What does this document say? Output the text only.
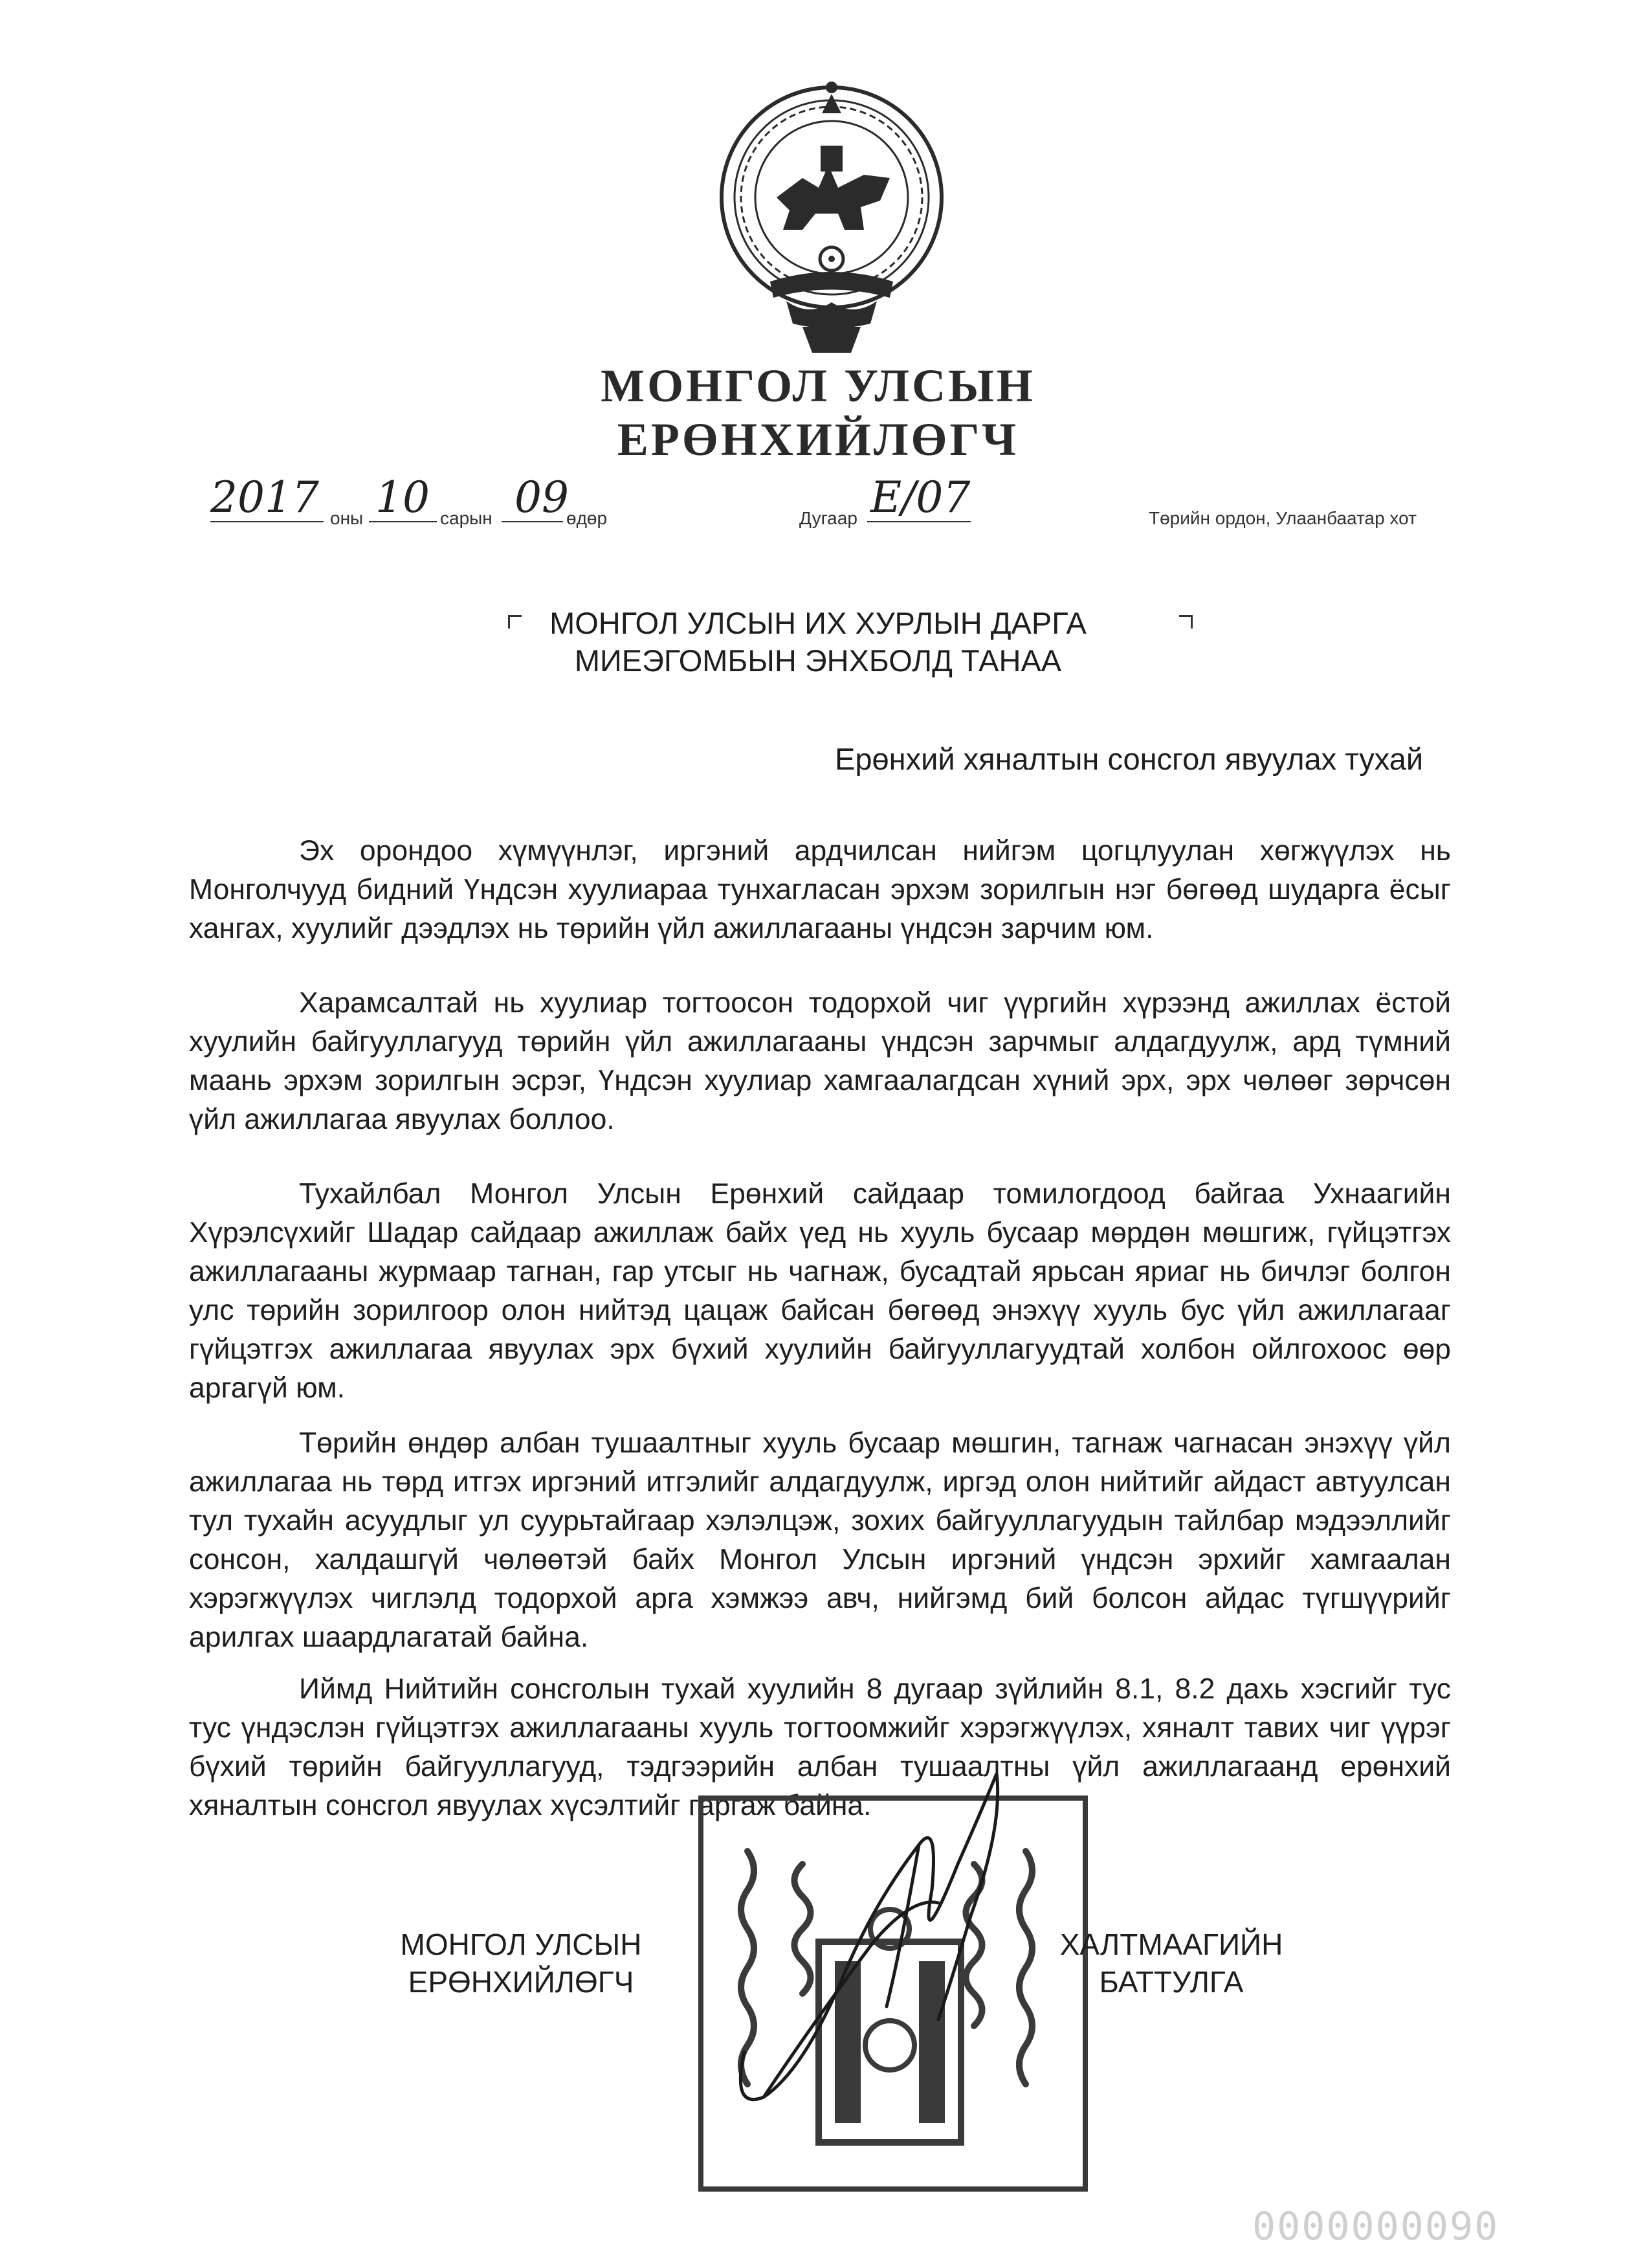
МОНГОЛ УЛСЫН
ЕРӨНХИЙЛӨГЧ
2017 оны 10 сарын 09
өдөр	Дугаар Е/07	Төрийн ордон, Улаанбаатар хот
МОНГОЛ УЛСЫН ИХ ХУРЛЫН ДАРГА
МИЕЭГОМБЫН ЭНХБОЛД ТАНАА
Ерөнхий хяналтын сонсгол явуулах тухай
Эх орондоо хүмүүнлэг, иргэний ардчилсан нийгэм цогцлуулан хөгжүүлэх нь Монголчууд бидний Үндсэн хуулиараа тунхагласан эрхэм зорилгын нэг бөгөөд шударга ёсыг хангах, хуулийг дээдлэх нь төрийн үйл ажиллагааны үндсэн зарчим юм.
Харамсалтай нь хуулиар тогтоосон тодорхой чиг үүргийн хүрээнд ажиллах ёстой хуулийн байгууллагууд төрийн үйл ажиллагааны үндсэн зарчмыг алдагдуулж, ард түмний маань эрхэм зорилгын эсрэг, Үндсэн хуулиар хамгаалагдсан хүний эрх, эрх чөлөөг зөрчсөн үйл ажиллагаа явуулах боллоо.
Тухайлбал Монгол Улсын Ерөнхий сайдаар томилогдоод байгаа Ухнаагийн Хүрэлсүхийг Шадар сайдаар ажиллаж байх үед нь хууль бусаар мөрдөн мөшгиж, гүйцэтгэх ажиллагааны журмаар тагнан, гар утсыг нь чагнаж, бусадтай ярьсан яриаг нь бичлэг болгон улс төрийн зорилгоор олон нийтэд цацаж байсан бөгөөд энэхүү хууль бус үйл ажиллагааг гүйцэтгэх ажиллагаа явуулах эрх бүхий хуулийн байгууллагуудтай холбон ойлгохоос өөр аргагүй юм.
Төрийн өндөр албан тушаалтныг хууль бусаар мөшгин, тагнаж чагнасан энэхүү үйл ажиллагаа нь төрд итгэх иргэний итгэлийг алдагдуулж, иргэд олон нийтийг айдаст автуулсан тул тухайн асуудлыг ул суурьтайгаар хэлэлцэж, зохих байгууллагуудын тайлбар мэдээллийг сонсон, халдашгүй чөлөөтэй байх Монгол Улсын иргэний үндсэн эрхийг хамгаалан хэрэгжүүлэх чиглэлд тодорхой арга хэмжээ авч, нийгэмд бий болсон айдас түгшүүрийг арилгах шаардлагатай байна.
Иймд Нийтийн сонсголын тухай хуулийн 8 дугаар зүйлийн 8.1, 8.2 дахь хэсгийг тус тус үндэслэн гүйцэтгэх ажиллагааны хууль тогтоомжийг хэрэгжүүлэх, хяналт тавих чиг үүрэг бүхий төрийн байгууллагууд, тэдгээрийн албан тушаалтны үйл ажиллагаанд ерөнхий хяналтын сонсгол явуулах хүсэлтийг гаргаж байна.
МОНГОЛ УЛСЫН
ЕРӨНХИЙЛӨГЧ
ХАЛТМААГИЙН
БАТТУЛГА
0000000090
